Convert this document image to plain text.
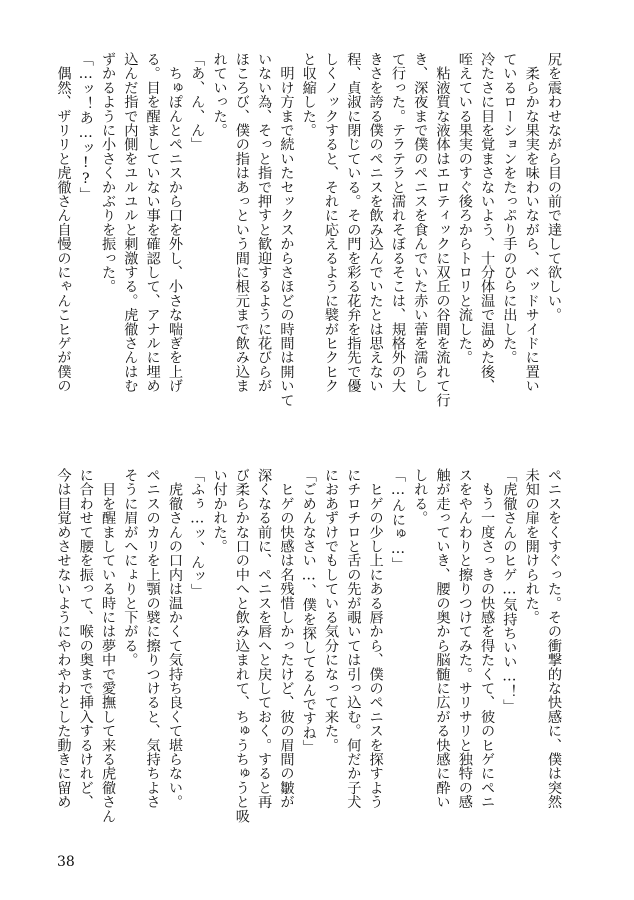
尻を震わせながら目の前で達して欲しい。

　柔らかな果実を味わいながら、ベッドサイドに置い

ているローションをたっぷり手のひらに出した。

冷たさに目を覚まさないよう、十分体温で温めた後、

咥えている果実のすぐ後ろからトロリと流した。

　粘液質な液体はエロティックに双丘の谷間を流れて行

き、深夜まで僕のペニスを食んでいた赤い蕾を濡らし

て行った。テラテラと濡れそぼるそこは、規格外の大

きさを誇る僕のペニスを飲み込んでいたとは思えない

程、貞淑に閉じている。その門を彩る花弁を指先で優

しくノックすると、それに応えるように襞がヒクヒク

と収縮した。

　明け方まで続いたセックスからさほどの時間は開いて

いない為、そっと指で押すと歓迎するように花びらが

ほころび、僕の指はあっという間に根元まで飲み込ま

れていった。

「あ、ん、ん」

　ちゅぽんとペニスから口を外し、小さな喘ぎを上げ

る。目を醒ましていない事を確認して、アナルに埋め

込んだ指で内側をユルユルと刺激する。虎徹さんはむ

ずかるように小さくかぶりを振った。

「…ッ！あ…ッ!?」

　偶然、ザリリと虎徹さん自慢のにゃんこヒゲが僕の

ペニスをくすぐった。その衝撃的な快感に、僕は突然

未知の扉を開けられた。

「虎徹さんのヒゲ…気持ちいい…！」

　もう一度さっきの快感を得たくて、彼のヒゲにペニ

スをやんわりと擦りつけてみた。サリサリと独特の感

触が走っていき、腰の奥から脳髄に広がる快感に酔い

しれる。

「…んにゅ…」

　ヒゲの少し上にある唇から、僕のペニスを探すよう

にチロチロと舌の先が覗いては引っ込む。何だか子犬

におあずけでもしている気分になって来た。

「ごめんなさい…、僕を探してるんですね」

　ヒゲの快感は名残惜しかったけど、彼の眉間の皺が

深くなる前に、ペニスを唇へと戻しておく。すると再

び柔らかな口の中へと飲み込まれて、ちゅうちゅうと吸

い付かれた。

「ふぅ…ッ、んッ」

　虎徹さんの口内は温かくて気持ち良くて堪らない。

ペニスのカリを上顎の襞に擦りつけると、気持ちよさ

そうに眉がへにょりと下がる。

　目を醒ましている時には夢中で愛撫して来る虎徹さん

に合わせて腰を振って、喉の奥まで挿入するけれど、

今は目覚めさせないようにやわやわとした動きに留め

38
